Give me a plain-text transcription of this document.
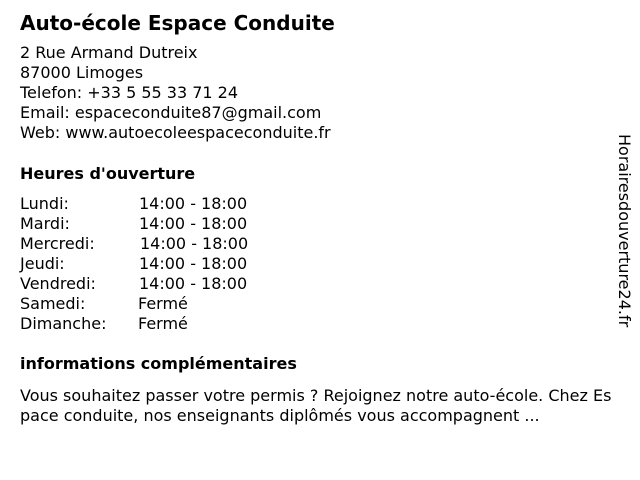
Auto-école Espace Conduite
2 Rue Armand Dutreix
87000 Limoges
Telefon: +33 5 55 33 71 24
Email: espaceconduite87@gmail.com
Web: www.autoecoleespaceconduite.fr
Heures d'ouverture
Lundi:	14:00 - 18:00
Mardi:	14:00 - 18:00
Mercredi:	14:00 - 18:00
Jeudi:	14:00 - 18:00
Vendredi:	14:00 - 18:00
Samedi:	Fermé
Dimanche:	Fermé
informations complémentaires
Vous souhaitez passer votre permis ? Rejoignez notre auto-école. Chez Espace conduite, nos enseignants diplômés vous accompagnent ...
Horairesdouverture24.fr
